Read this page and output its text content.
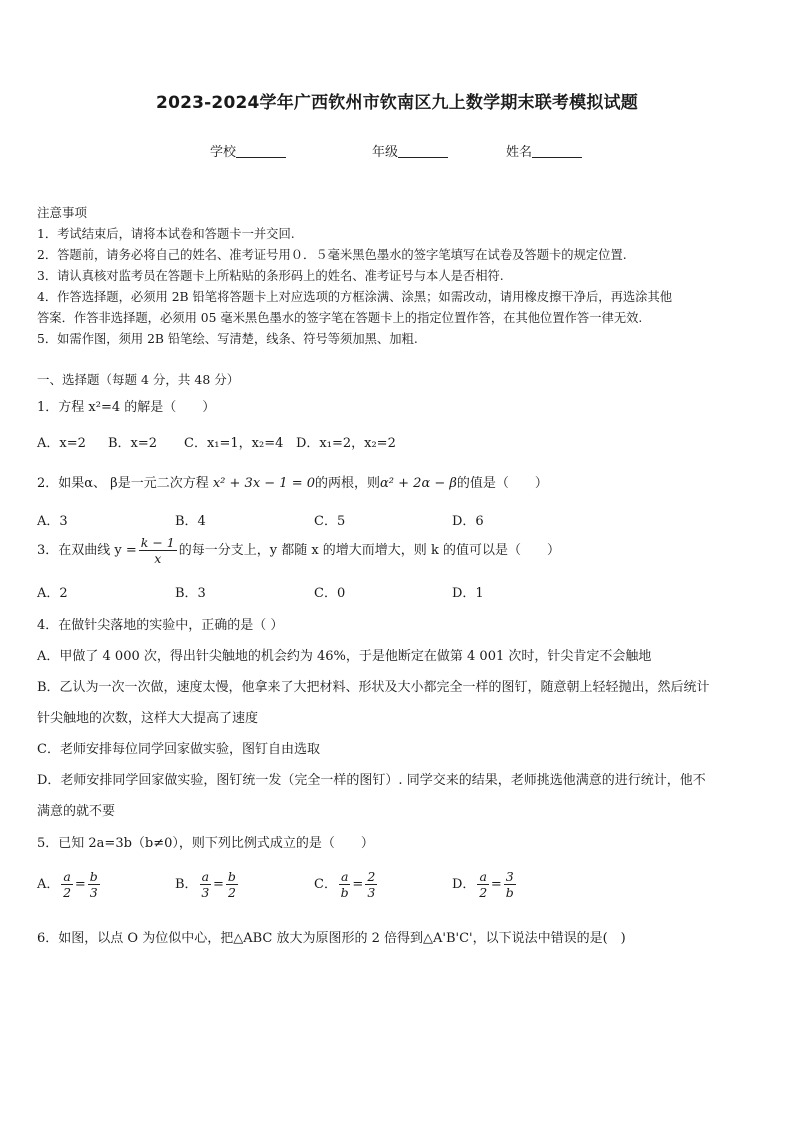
2023-2024学年广西钦州市钦南区九上数学期末联考模拟试题
学校	年级	姓名
注意事项
1．考试结束后，请将本试卷和答题卡一并交回.
2．答题前，请务必将自己的姓名、准考证号用０．５毫米黑色墨水的签字笔填写在试卷及答题卡的规定位置.
3．请认真核对监考员在答题卡上所粘贴的条形码上的姓名、准考证号与本人是否相符.
4．作答选择题，必须用 2B 铅笔将答题卡上对应选项的方框涂满、涂黑；如需改动，请用橡皮擦干净后，再选涂其他
答案．作答非选择题，必须用 05 毫米黑色墨水的签字笔在答题卡上的指定位置作答，在其他位置作答一律无效.
5．如需作图，须用 2B 铅笔绘、写清楚，线条、符号等须加黑、加粗.
一、选择题（每题 4 分，共 48 分）
1．方程 x²=4 的解是（　　）
A．x=2 B．x=2 C．x₁=1，x₂=4 D．x₁=2，x₂=2
2．如果α、 β是一元二次方程 x² + 3x − 1 = 0的两根，则α² + 2α − β的值是（　　）
A．3	B．4	C．5	D．6
3．在双曲线 $y = \frac{k - 1}{x}$ 的每一分支上，y 都随 x 的增大而增大，则 k 的值可以是（　　）
A．2	B．3	C．0	D．1
4．在做针尖落地的实验中，正确的是（ ）
A．甲做了 4 000 次，得出针尖触地的机会约为 46%，于是他断定在做第 4 001 次时，针尖肯定不会触地
B．乙认为一次一次做，速度太慢，他拿来了大把材料、形状及大小都完全一样的图钉，随意朝上轻轻抛出，然后统计
针尖触地的次数，这样大大提高了速度
C．老师安排每位同学回家做实验，图钉自由选取
D．老师安排同学回家做实验，图钉统一发（完全一样的图钉）. 同学交来的结果，老师挑选他满意的进行统计，他不
满意的就不要
5．已知 2a=3b（b≠0），则下列比例式成立的是（　　）
A． $\frac{a}{2} = \frac{b}{3}$	B． $\frac{a}{3} = \frac{b}{2}$	C． $\frac{a}{b} = \frac{2}{3}$	D． $\frac{a}{2} = \frac{3}{b}$
6．如图，以点 O 为位似中心，把△ABC 放大为原图形的 2 倍得到△A'B'C'，以下说法中错误的是(　)
